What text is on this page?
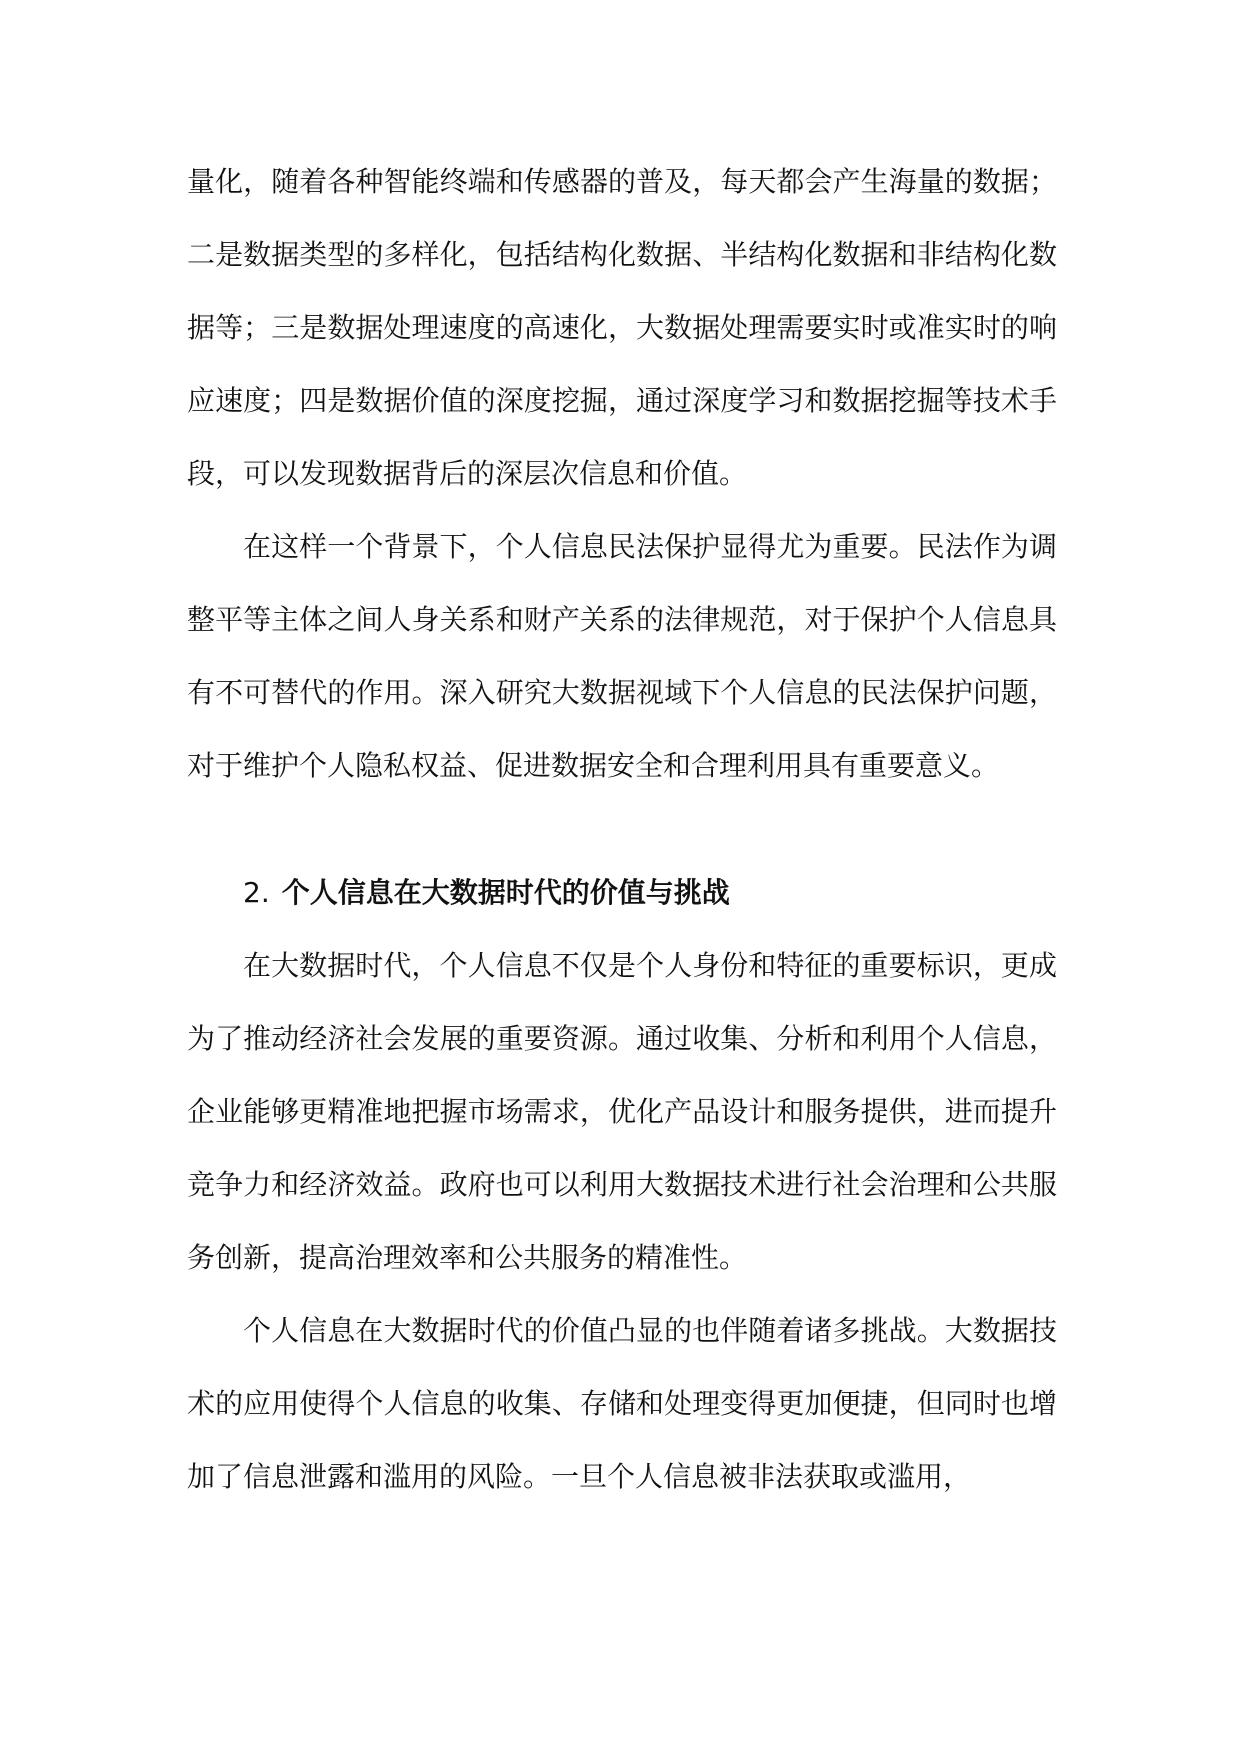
量化，随着各种智能终端和传感器的普及，每天都会产生海量的数据；二是数据类型的多样化，包括结构化数据、半结构化数据和非结构化数据等；三是数据处理速度的高速化，大数据处理需要实时或准实时的响应速度；四是数据价值的深度挖掘，通过深度学习和数据挖掘等技术手段，可以发现数据背后的深层次信息和价值。

在这样一个背景下，个人信息民法保护显得尤为重要。民法作为调整平等主体之间人身关系和财产关系的法律规范，对于保护个人信息具有不可替代的作用。深入研究大数据视域下个人信息的民法保护问题，对于维护个人隐私权益、促进数据安全和合理利用具有重要意义。

2. 个人信息在大数据时代的价值与挑战

在大数据时代，个人信息不仅是个人身份和特征的重要标识，更成为了推动经济社会发展的重要资源。通过收集、分析和利用个人信息，企业能够更精准地把握市场需求，优化产品设计和服务提供，进而提升竞争力和经济效益。政府也可以利用大数据技术进行社会治理和公共服务创新，提高治理效率和公共服务的精准性。

个人信息在大数据时代的价值凸显的也伴随着诸多挑战。大数据技术的应用使得个人信息的收集、存储和处理变得更加便捷，但同时也增加了信息泄露和滥用的风险。一旦个人信息被非法获取或滥用，
